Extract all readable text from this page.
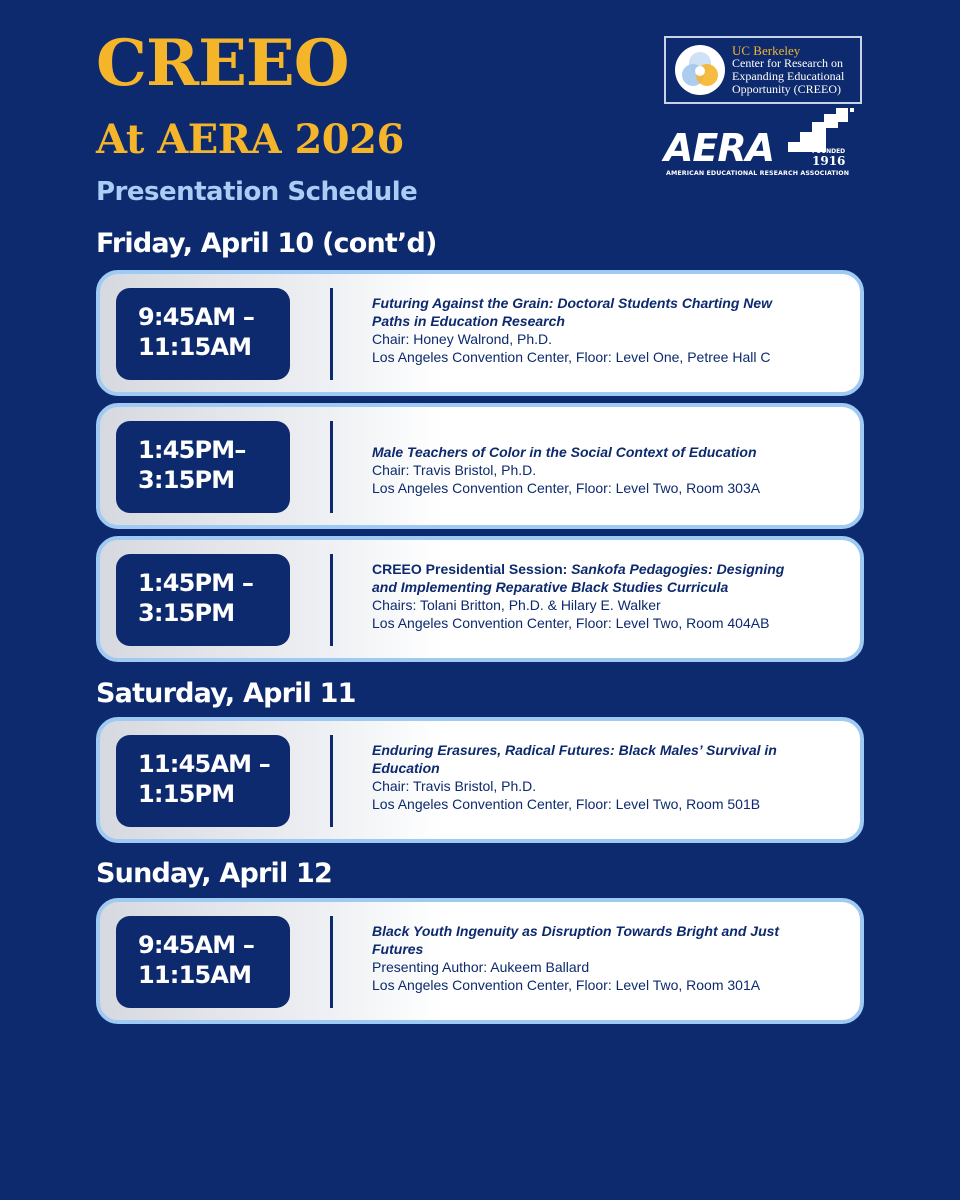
CREEO
At AERA 2026
Presentation Schedule
UC Berkeley
Center for Research on
Expanding Educational
Opportunity (CREEO)
AERA	FOUNDED
1916
AMERICAN EDUCATIONAL RESEARCH ASSOCIATION
Friday, April 10 (cont’d)
9:45AM –
11:15AM
Futuring Against the Grain: Doctoral Students Charting New
Paths in Education Research
Chair: Honey Walrond, Ph.D.
Los Angeles Convention Center, Floor: Level One, Petree Hall C
1:45PM–
3:15PM
Male Teachers of Color in the Social Context of Education
Chair: Travis Bristol, Ph.D.
Los Angeles Convention Center, Floor: Level Two, Room 303A
1:45PM –
3:15PM
CREEO Presidential Session: Sankofa Pedagogies: Designing
and Implementing Reparative Black Studies Curricula
Chairs: Tolani Britton, Ph.D. & Hilary E. Walker
Los Angeles Convention Center, Floor: Level Two, Room 404AB
Saturday, April 11
11:45AM –
1:15PM
Enduring Erasures, Radical Futures: Black Males’ Survival in
Education
Chair: Travis Bristol, Ph.D.
Los Angeles Convention Center, Floor: Level Two, Room 501B
Sunday, April 12
9:45AM –
11:15AM
Black Youth Ingenuity as Disruption Towards Bright and Just
Futures
Presenting Author: Aukeem Ballard
Los Angeles Convention Center, Floor: Level Two, Room 301A
